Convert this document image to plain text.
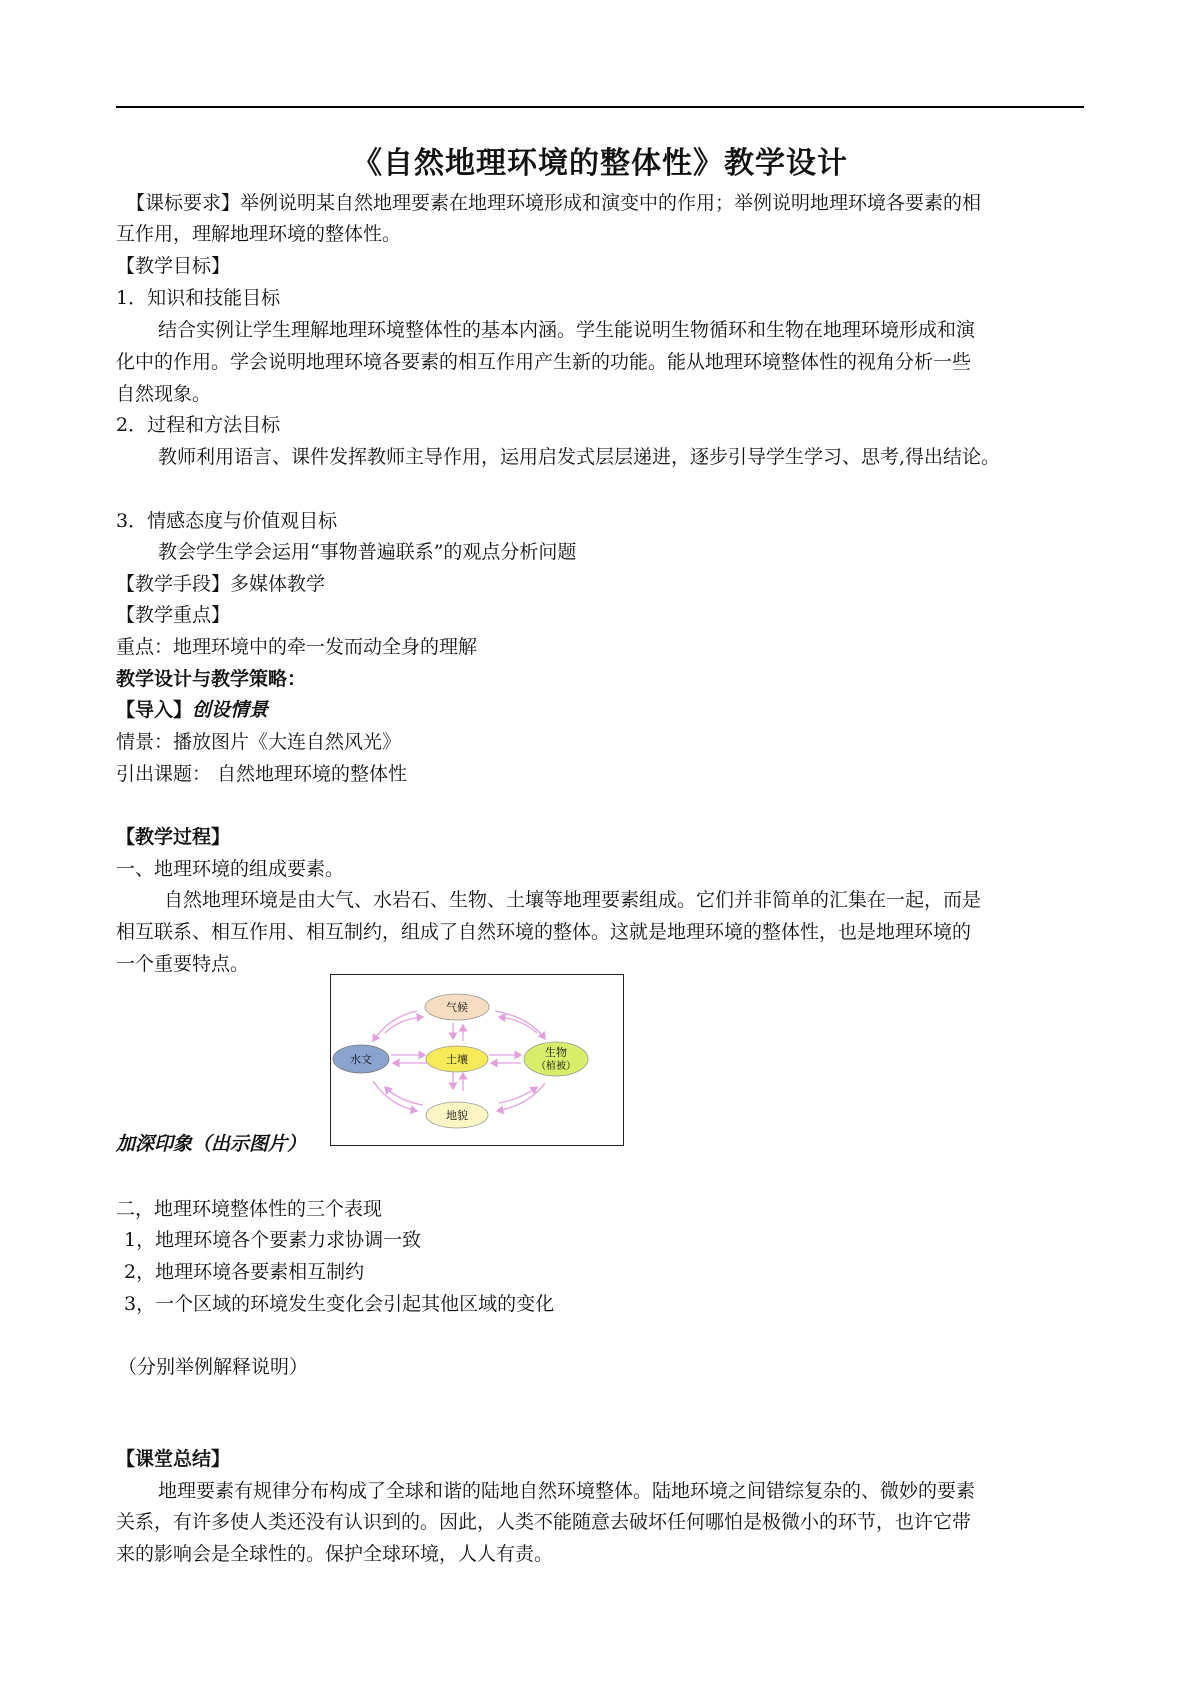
《自然地理环境的整体性》教学设计
【课标要求】举例说明某自然地理要素在地理环境形成和演变中的作用；举例说明地理环境各要素的相
互作用，理解地理环境的整体性。
【教学目标】
1．知识和技能目标
结合实例让学生理解地理环境整体性的基本内涵。学生能说明生物循环和生物在地理环境形成和演
化中的作用。学会说明地理环境各要素的相互作用产生新的功能。能从地理环境整体性的视角分析一些
自然现象。
2．过程和方法目标
教师利用语言、课件发挥教师主导作用，运用启发式层层递进，逐步引导学生学习、思考,得出结论。
3．情感态度与价值观目标
教会学生学会运用“事物普遍联系”的观点分析问题
【教学手段】多媒体教学
【教学重点】
重点：地理环境中的牵一发而动全身的理解
教学设计与教学策略：
【导入】创设情景
情景：播放图片《大连自然风光》
引出课题： 自然地理环境的整体性
【教学过程】
一、地理环境的组成要素。
自然地理环境是由大气、水岩石、生物、土壤等地理要素组成。它们并非简单的汇集在一起，而是
相互联系、相互作用、相互制约，组成了自然环境的整体。这就是地理环境的整体性，也是地理环境的
一个重要特点。
气候
土壤
水文
生物
（植被）
地貌
加深印象（出示图片）
二，地理环境整体性的三个表现
1，地理环境各个要素力求协调一致
2，地理环境各要素相互制约
3，一个区域的环境发生变化会引起其他区域的变化
（分别举例解释说明）
【课堂总结】
地理要素有规律分布构成了全球和谐的陆地自然环境整体。陆地环境之间错综复杂的、微妙的要素
关系，有许多使人类还没有认识到的。因此，人类不能随意去破坏任何哪怕是极微小的环节，也许它带
来的影响会是全球性的。保护全球环境，人人有责。
